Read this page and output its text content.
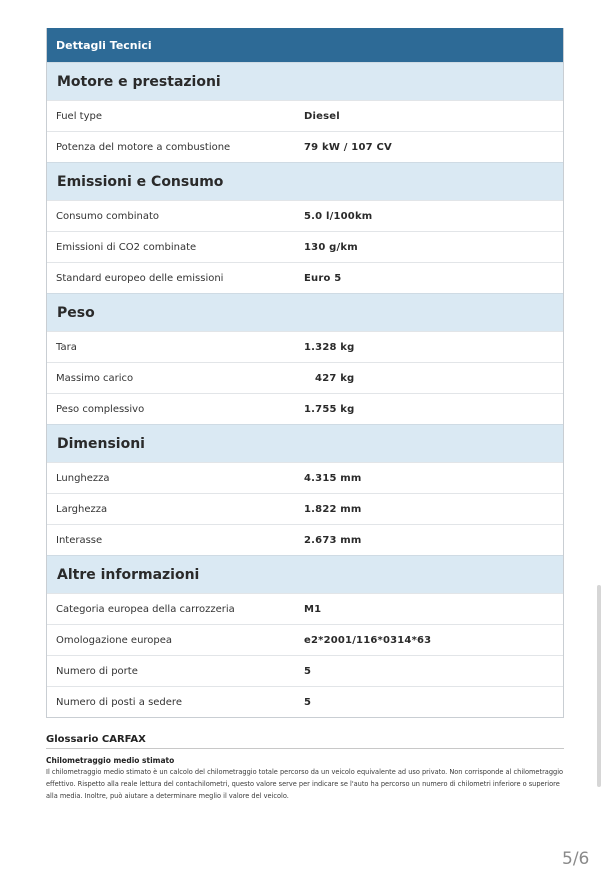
Dettagli Tecnici
Motore e prestazioni
Fuel type	Diesel
Potenza del motore a combustione	79 kW / 107 CV
Emissioni e Consumo
Consumo combinato	5.0 l/100km
Emissioni di CO2 combinate	130 g/km
Standard europeo delle emissioni	Euro 5
Peso
Tara	1.328 kg
Massimo carico	427 kg
Peso complessivo	1.755 kg
Dimensioni
Lunghezza	4.315 mm
Larghezza	1.822 mm
Interasse	2.673 mm
Altre informazioni
Categoria europea della carrozzeria	M1
Omologazione europea	e2*2001/116*0314*63
Numero di porte	5
Numero di posti a sedere	5
Glossario CARFAX
Chilometraggio medio stimato
Il chilometraggio medio stimato è un calcolo del chilometraggio totale percorso da un veicolo equivalente ad uso privato. Non corrisponde al chilometraggio effettivo. Rispetto alla reale lettura del contachilometri, questo valore serve per indicare se l'auto ha percorso un numero di chilometri inferiore o superiore alla media. Inoltre, può aiutare a determinare meglio il valore del veicolo.
5/6
